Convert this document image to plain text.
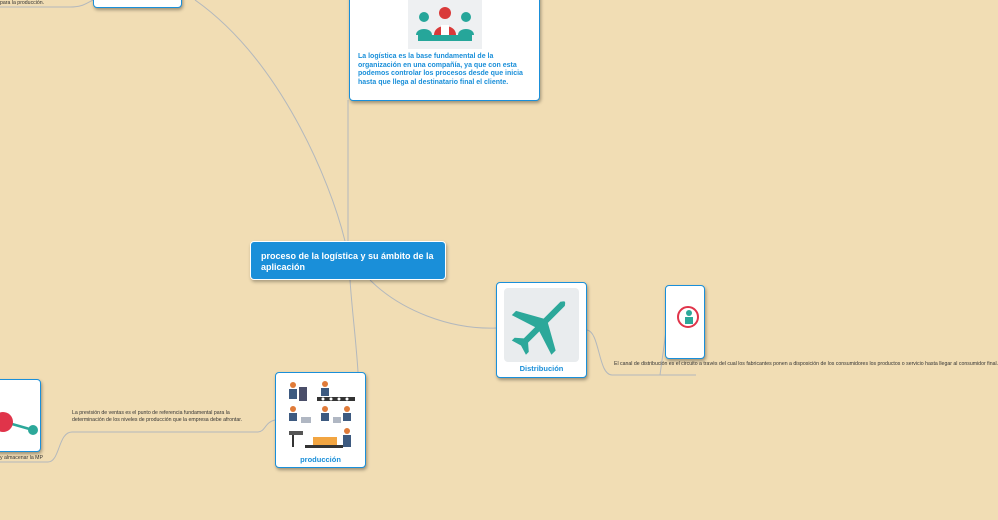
para la producción.
La logística es la base fundamental de la organización en una compañía, ya que con esta podemos controlar los procesos desde que inicia hasta que llega al destinatario final el cliente.
proceso de la logística y su ámbito de la aplicación
Distribución
producción
La previsión de ventas es el punto de referencia fundamental para la determinación de los niveles de producción que la empresa debe afrontar.
El canal de distribución es el circuito a través del cual los fabricantes ponen a disposición de los consumidores los productos o servicio hasta llegar al consumidor final.
y almacenar la MP
